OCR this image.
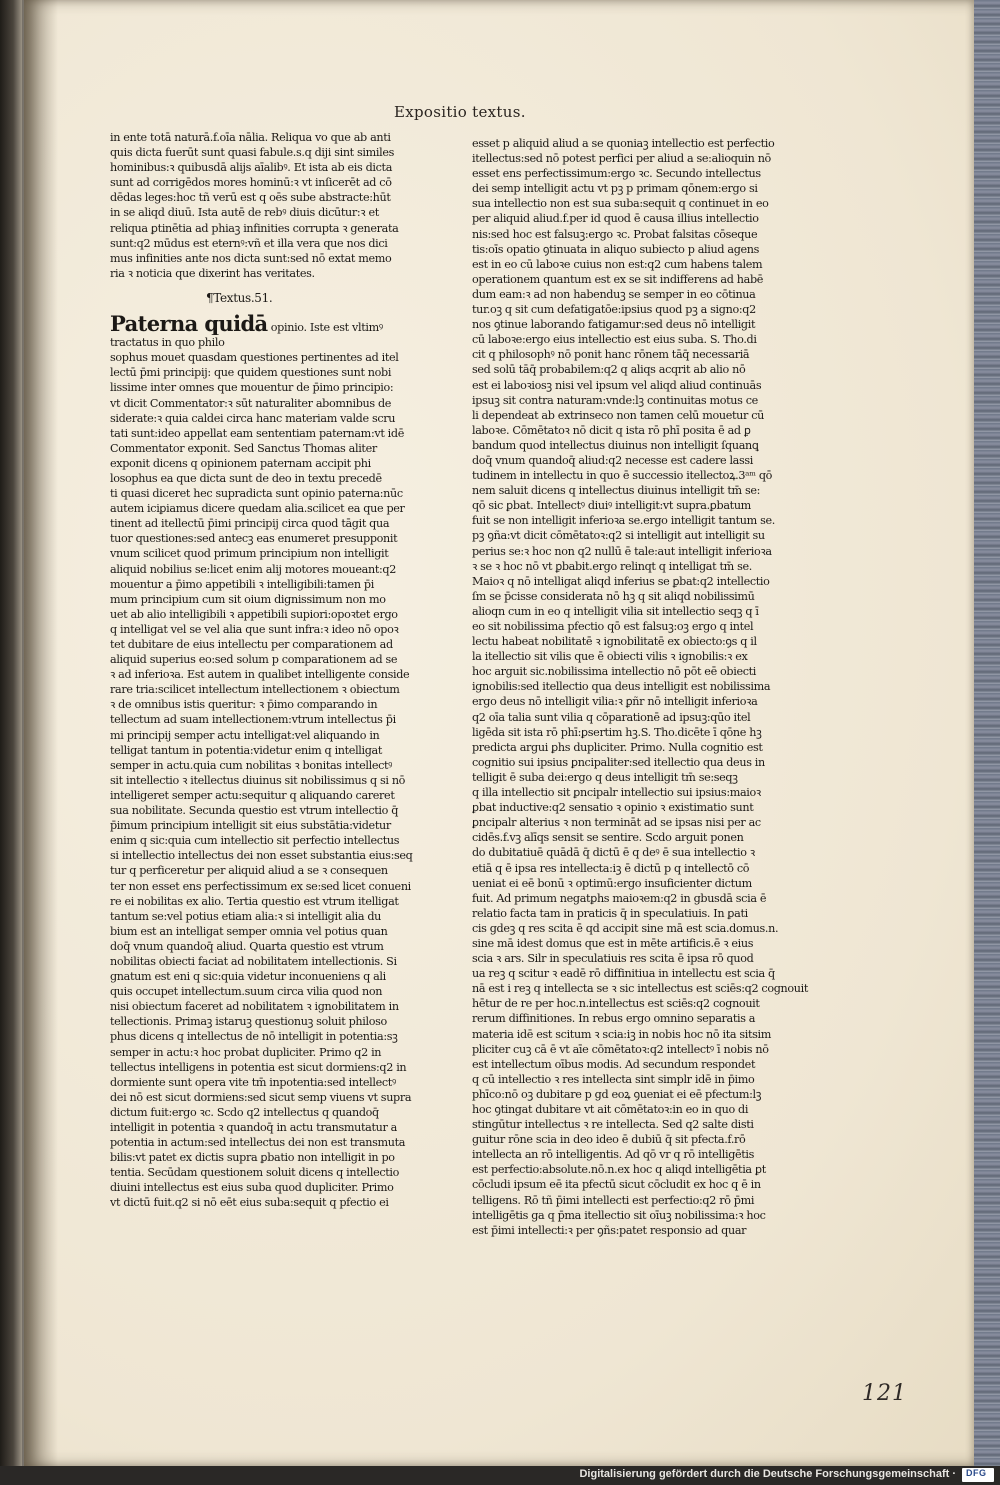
Expositio textus.
in ente totā naturā.f.oīa nālia. Reliqua vo que ab anti
quis dicta fuerūt sunt quasi fabule.s.q diji sint similes
hominibus:ꝛ quibusdā alijs aīalibꝰ. Et ista ab eis dicta
sunt ad corrigēdos mores hominū:ꝛ vt inſicerēt ad cō
dēdas leges:hoc tñ verū est q oēs sube abstracte:hūt
in se aliqd diuū. Ista autē de rebꝰ diuis dicūtur:ꝛ et
reliqua ꝑtinētia ad phiaꝫ infinities corrupta ꝛ generata
sunt:q2 mūdus est eternꝰ:vñ et illa vera que nos dici
mus infinities ante nos dicta sunt:sed nō extat memo
ria ꝛ noticia que dixerint has veritates.
¶Textus.51.
Paterna quidā opinio. Iste est vltimꝰ
tractatus in quo philo
sophus mouet quasdam questiones pertinentes ad itel
lectū p̄mi principij: que quidem questiones sunt nobi
lissime inter omnes que mouentur de p̄imo principio:
vt dicit Commentator:ꝛ sūt naturaliter abomnibus de
siderate:ꝛ quia caldei circa hanc materiam valde scru
tati sunt:ideo appellat eam sententiam paternam:vt idē
Commentator exponit. Sed Sanctus Thomas aliter
exponit dicens q opinionem paternam accipit phi
losophus ea que dicta sunt de deo in textu precedē
ti quasi diceret hec supradicta sunt opinio paterna:nūc
autem iciꝑiamus dicere quedam alia.scilicet ea que per
tinent ad itellectū p̄imi principij circa quod tāgit qua
tuor questiones:sed antecꝫ eas enumeret presupponit
vnum scilicet quod primum principium non intelligit
aliquid nobilius se:licet enim alij motores moueant:q2
mouentur a p̄imo appetibili ꝛ intelligibili:tamen p̄i
mum principium cum sit oium dignissimum non mo
uet ab alio intelligibili ꝛ appetibili supiori:opoꝛtet ergo
q intelligat vel se vel alia que sunt infra:ꝛ ideo nō opoꝛ
tet dubitare de eius intellectu per comparationem ad
aliquid superius eo:sed solum p comparationem ad se
ꝛ ad inferioꝛa. Est autem in qualibet intelligente conside
rare tria:scilicet intellectum intellectionem ꝛ obiectum
ꝛ de omnibus istis queritur: ꝛ p̄imo comparando in
tellectum ad suam intellectionem:vtrum intellectus p̄i
mi principij semper actu intelligat:vel aliquando in
telligat tantum in potentia:videtur enim q intelligat
semper in actu.quia cum nobilitas ꝛ bonitas intellectꝰ
sit intellectio ꝛ itellectus diuinus sit nobilissimus q si nō
intelligeret semper actu:sequitur q aliquando careret
sua nobilitate. Secunda questio est vtrum intellectio q̄
p̄imum principium intelligit sit eius substātia:videtur
enim q sic:quia cum intellectio sit perfectio intellectus
si intellectio intellectus dei non esset substantia eius:seq
tur q perficeretur per aliquid aliud a se ꝛ consequen
ter non esset ens perfectissimum ex se:sed licet conueni
re ei nobilitas ex alio. Tertia questio est vtrum itelligat
tantum se:vel potius etiam alia:ꝛ si intelligit alia du
bium est an intelligat semper omnia vel potius quan
doq̄ vnum quandoq̄ aliud. Quarta questio est vtrum
nobilitas obiecti faciat ad nobilitatem intellectionis. Si
gnatum est eni q sic:quia videtur inconueniens q ali
quis occupet intellectum.suum circa vilia quod non
nisi obiectum faceret ad nobilitatem ꝛ ignobilitatem in
tellectionis. Primaꝫ istaruꝫ questionuꝫ soluit philoso
phus dicens q intellectus de nō intelligit in potentia:sꝫ
semper in actu:ꝛ hoc probat dupliciter. Primo q2 in
tellectus intelligens in potentia est sicut dormiens:q2 in
dormiente sunt opera vite tm̄ inpotentia:sed intellectꝰ
dei nō est sicut dormiens:sed sicut semp viuens vt supra
dictum fuit:ergo ꝛc. Scdo q2 intellectus q quandoq̄
intelligit in potentia ꝛ quandoq̄ in actu transmutatur a
potentia in actum:sed intellectus dei non est transmuta
bilis:vt patet ex dictis supra ꝑbatio non intelligit in po
tentia. Secūdam questionem soluit dicens q intellectio
diuini intellectus est eius suba quod dupliciter. Primo
vt dictū fuit.q2 si nō eēt eius suba:sequit q pfectio ei
esset p aliquid aliud a se quoniaꝫ intellectio est perfectio
itellectus:sed nō potest perfici per aliud a se:alioquin nō
esset ens perfectissimum:ergo ꝛc. Secundo intellectus
dei semp intelligit actu vt pꝫ p primam qōnem:ergo si
sua intellectio non est sua suba:sequit q continuet in eo
per aliquid aliud.f.per id quod ē causa illius intellectio
nis:sed hoc est falsuꝫ:ergo ꝛc. Probat falsitas cōseque
tis:oīs opatio ꝯtinuata in aliquo subiecto p aliud agens
est in eo cū laboꝛe cuius non est:q2 cum habens talem
operationem quantum est ex se sit indifferens ad habē
dum eam:ꝛ ad non habenduꝫ se semper in eo cōtinua
tur.oꝫ q sit cum defatigatōe:ipsius quod pꝫ a signo:q2
nos ꝯtinue laborando fatigamur:sed deus nō intelligit
cū laboꝛe:ergo eius intellectio est eius suba. S. Tho.di
cit q philosophꝰ nō ponit hanc rōnem tāq̄ necessariā
sed solū tāq̄ probabilem:q2 q aliqs acqrit ab alio nō
est ei laboꝛiosꝫ nisi vel ipsum vel aliqd aliud continuās
ipsuꝫ sit contra naturam:vnde:lꝫ continuitas motus ce
li dependeat ab extrinseco non tamen celū mouetur cū
laboꝛe. Cōmētatoꝛ nō dicit q ista rō phī posita ē ad ꝑ
bandum quod intellectus diuinus non intelligit ſquanꝗ
doq̄ vnum quandoq̄ aliud:q2 necesse est cadere lassi
tudinem in intellectu in quo ē successio itellectoꝝ.3ᵃᵐ qō
nem saluit dicens q intellectus diuinus intelligit tm̄ se:
qō sic ꝑbat. Intellectꝰ diuiꝰ intelligit:vt supra.ꝑbatum
fuit se non intelligit inferioꝛa se.ergo intelligit tantum se.
pꝫ ꝯña:vt dicit cōmētatoꝛ:q2 si intelligit aut intelligit su
perius se:ꝛ hoc non q2 nullū ē tale:aut intelligit inferioꝛa
ꝛ se ꝛ hoc nō vt ꝑbabit.ergo relinqt q intelligat tm̄ se.
Maioꝛ q nō intelligat aliqd inferius se ꝑbat:q2 intellectio
ſm se p̄cisse considerata nō hꝫ q sit aliqd nobilissimū
alioqn cum in eo q intelligit vilia sit intellectio seqꝫ q ī
eo sit nobilissima pfectio qō est falsuꝫ:oꝫ ergo q intel
lectu habeat nobilitatē ꝛ ignobilitatē ex obiecto:ꝯs q il
la itellectio sit vilis que ē obiecti vilis ꝛ ignobilis:ꝛ ex
hoc arguit sic.nobilissima intellectio nō pōt eē obiecti
ignobilis:sed itellectio qua deus intelligit est nobilissima
ergo deus nō intelligit vilia:ꝛ ꝑñr nō intelligit inferioꝛa
q2 oīa talia sunt vilia q cōparationē ad ipsuꝫ:qūo itel
ligēda sit ista rō phī:ꝑsertim hꝫ.S. Tho.dicēte ī qōne hꝫ
predicta argui ꝑhs dupliciter. Primo. Nulla cognitio est
cognitio sui ipsius ꝑncipaliter:sed itellectio qua deus in
telligit ē suba dei:ergo q deus intelligit tm̄ se:seqꝫ
q illa intellectio sit ꝑncipalr intellectio sui ipsius:maioꝛ
ꝑbat inductive:q2 sensatio ꝛ opinio ꝛ existimatio sunt
ꝑncipalr alterius ꝛ non termināt ad se ipsas nisi per ac
cidēs.f.vꝫ alīqs sensit se sentire. Scdo arguit ponen
do dubitatiuē quādā q̄ dictū ē q deꝰ ē sua intellectio ꝛ
etiā q ē ipsa res intellecta:iꝫ ē dictū p q intellectō cō
ueniat ei eē bonū ꝛ optimū:ergo insuficienter dictum
fuit. Ad primum negatꝑhs maioꝛem:q2 in gbusdā scia ē
relatio facta tam in praticis q̄ in speculatiuis. In ꝑati
cis gdeꝫ q res scita ē qd accipit sine mā est scia.domus.n.
sine mā idest domus que est in mēte artificis.ē ꝛ eius
scia ꝛ ars. Silr in speculatiuis res scita ē ipsa rō quod
ua reꝫ q scitur ꝛ eadē rō diffinitiua in intellectu est scia q̄
nā est i reꝫ q intellecta se ꝛ sic intellectus est sciēs:q2 cognouit
hētur de re per hoc.n.intellectus est sciēs:q2 cognouit
rerum diffinitiones. In rebus ergo omnino separatis a
materia idē est scitum ꝛ scia:iꝫ in nobis hoc nō ita sitsim
pliciter cuꝫ cā ē vt aīe cōmētatoꝛ:q2 intellectꝰ ī nobis nō
est intellectum oībus modis. Ad secundum respondet
q cū intellectio ꝛ res intellecta sint simplr idē in p̄imo
phīco:nō oꝫ dubitare p gd eoꝝ ꝯueniat ei eē pfectum:lꝫ
hoc ꝯtingat dubitare vt ait cōmētatoꝛ:in eo in quo di
stingūtur intellectus ꝛ re intellecta. Sed q2 salte disti
guitur rōne scia in deo ideo ē dubiū q̄ sit pfecta.f.rō
intellecta an rō intelligentis. Ad qō vr q rō intelligētis
est perfectio:absolute.nō.n.ex hoc q aliqd intelligētia ꝑt
cōcludi ipsum eē ita pfectū sicut cōcludit ex hoc q ē in
telligens. Rō tñ p̄imi intellecti est perfectio:q2 rō p̄mi
intelligētis ga q p̄ma itellectio sit oīuꝫ nobilissima:ꝛ hoc
est p̄imi intellecti:ꝛ per ꝯñs:patet responsio ad quar
121
Digitalisierung gefördert durch die Deutsche Forschungsgemeinschaft · DFG
